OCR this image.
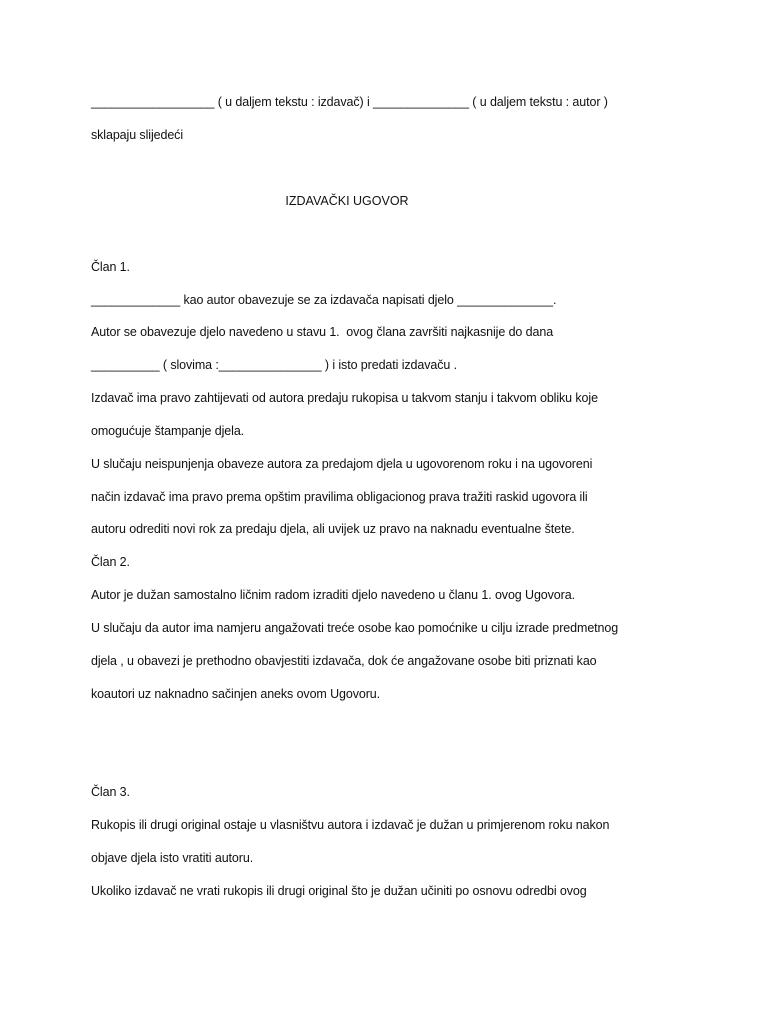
__________________ ( u daljem tekstu : izdavač) i ______________ ( u daljem tekstu : autor )
sklapaju slijedeći
IZDAVAČKI UGOVOR
Član 1.
_____________ kao autor obavezuje se za izdavača napisati djelo ______________.
Autor se obavezuje djelo navedeno u stavu 1.  ovog člana završiti najkasnije do dana
__________ ( slovima :_______________ ) i isto predati izdavaču .
Izdavač ima pravo zahtijevati od autora predaju rukopisa u takvom stanju i takvom obliku koje
omogućuje štampanje djela.
U slučaju neispunjenja obaveze autora za predajom djela u ugovorenom roku i na ugovoreni
način izdavač ima pravo prema opštim pravilima obligacionog prava tražiti raskid ugovora ili
autoru odrediti novi rok za predaju djela, ali uvijek uz pravo na naknadu eventualne štete.
Član 2.
Autor je dužan samostalno ličnim radom izraditi djelo navedeno u članu 1. ovog Ugovora.
U slučaju da autor ima namjeru angažovati treće osobe kao pomoćnike u cilju izrade predmetnog
djela , u obavezi je prethodno obavjestiti izdavača, dok će angažovane osobe biti priznati kao
koautori uz naknadno sačinjen aneks ovom Ugovoru.
Član 3.
Rukopis ili drugi original ostaje u vlasništvu autora i izdavač je dužan u primjerenom roku nakon
objave djela isto vratiti autoru.
Ukoliko izdavač ne vrati rukopis ili drugi original što je dužan učiniti po osnovu odredbi ovog
